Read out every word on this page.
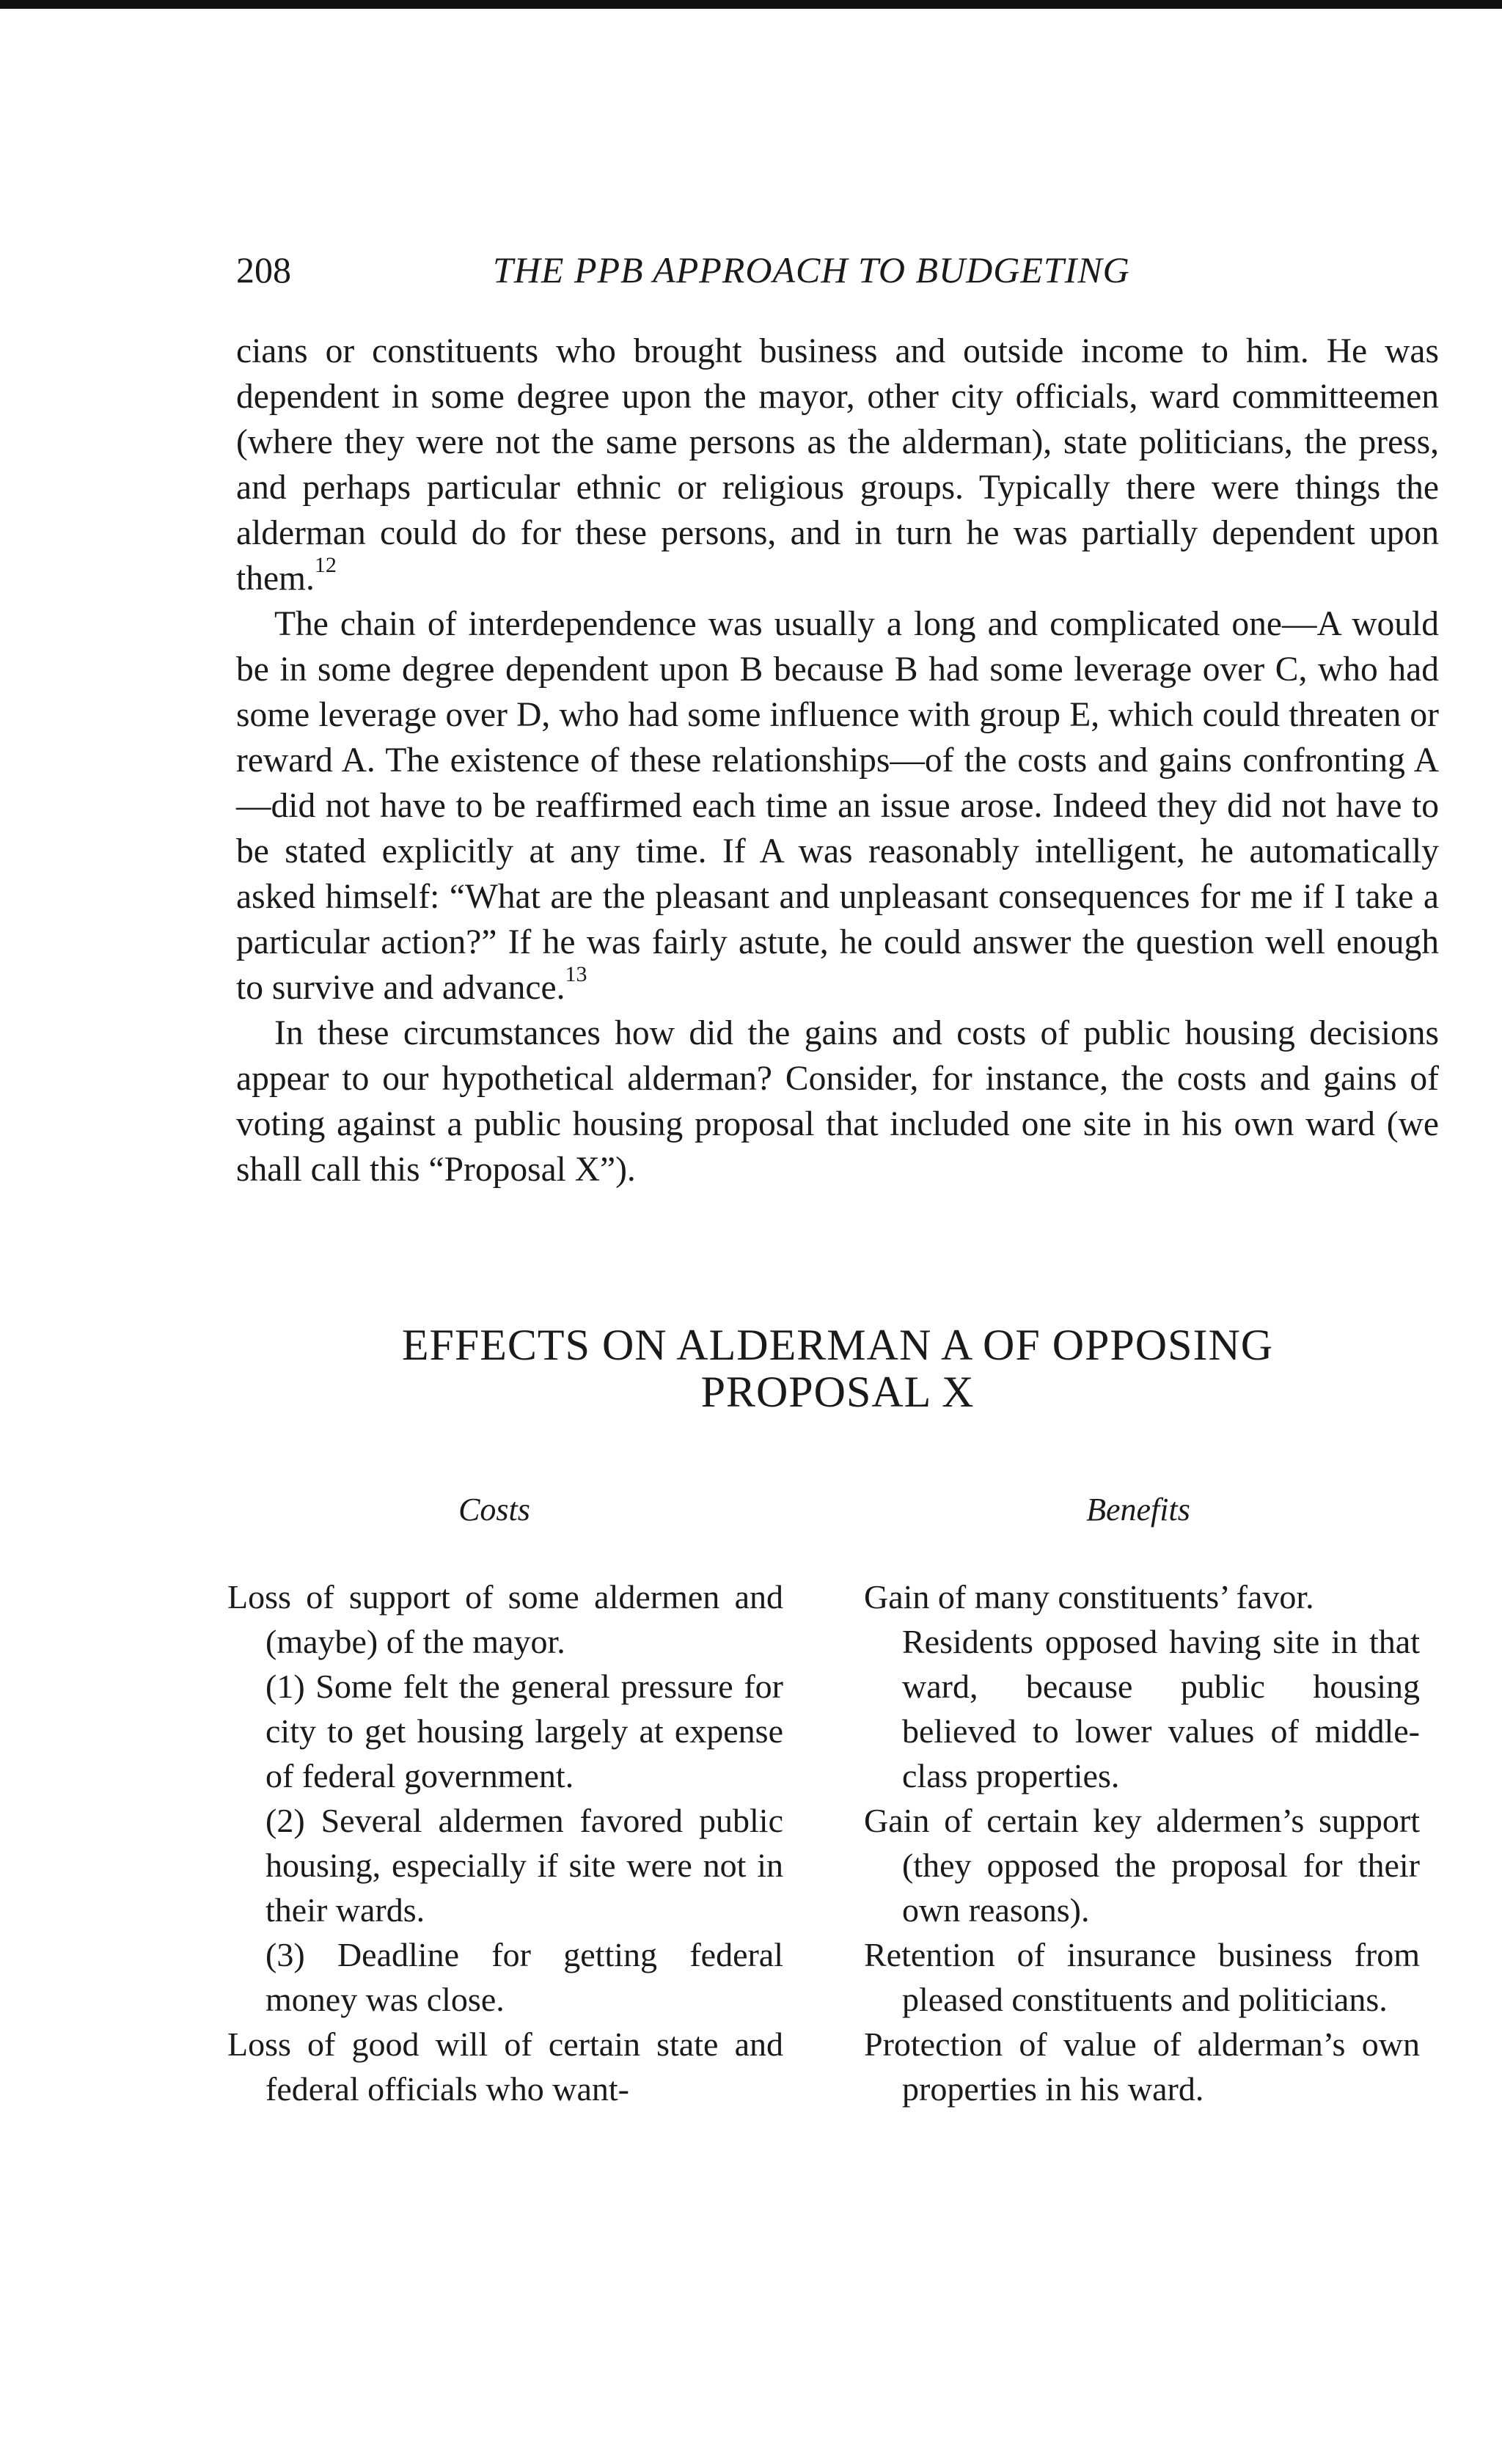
208	THE PPB APPROACH TO BUDGETING

cians or constituents who brought business and outside income to him. He was dependent in some degree upon the mayor, other city officials, ward committeemen (where they were not the same persons as the alderman), state politicians, the press, and perhaps particular ethnic or religious groups. Typically there were things the alderman could do for these persons, and in turn he was partially dependent upon them.$^{12}$

The chain of interdependence was usually a long and complicated one—A would be in some degree dependent upon B because B had some leverage over C, who had some leverage over D, who had some influence with group E, which could threaten or reward A. The existence of these relationships—of the costs and gains confronting A—did not have to be reaffirmed each time an issue arose. Indeed they did not have to be stated explicitly at any time. If A was reasonably intelligent, he automatically asked himself: “What are the pleasant and unpleasant consequences for me if I take a particular action?” If he was fairly astute, he could answer the question well enough to survive and advance.$^{13}$

In these circumstances how did the gains and costs of public housing decisions appear to our hypothetical alderman? Consider, for instance, the costs and gains of voting against a public housing proposal that included one site in his own ward (we shall call this “Proposal X”).

EFFECTS ON ALDERMAN A OF OPPOSING
PROPOSAL X
Costs
Loss of support of some aldermen and (maybe) of the mayor.
(1) Some felt the general pressure for city to get housing largely at expense of federal government.
(2) Several aldermen favored public housing, especially if site were not in their wards.
(3) Deadline for getting federal money was close.
Loss of good will of certain state and federal officials who want-
Benefits
Gain of many constituents’ favor.
Residents opposed having site in that ward, because public housing believed to lower values of middle-class properties.
Gain of certain key aldermen’s support (they opposed the proposal for their own reasons).
Retention of insurance business from pleased constituents and politicians.
Protection of value of alderman’s own properties in his ward.
